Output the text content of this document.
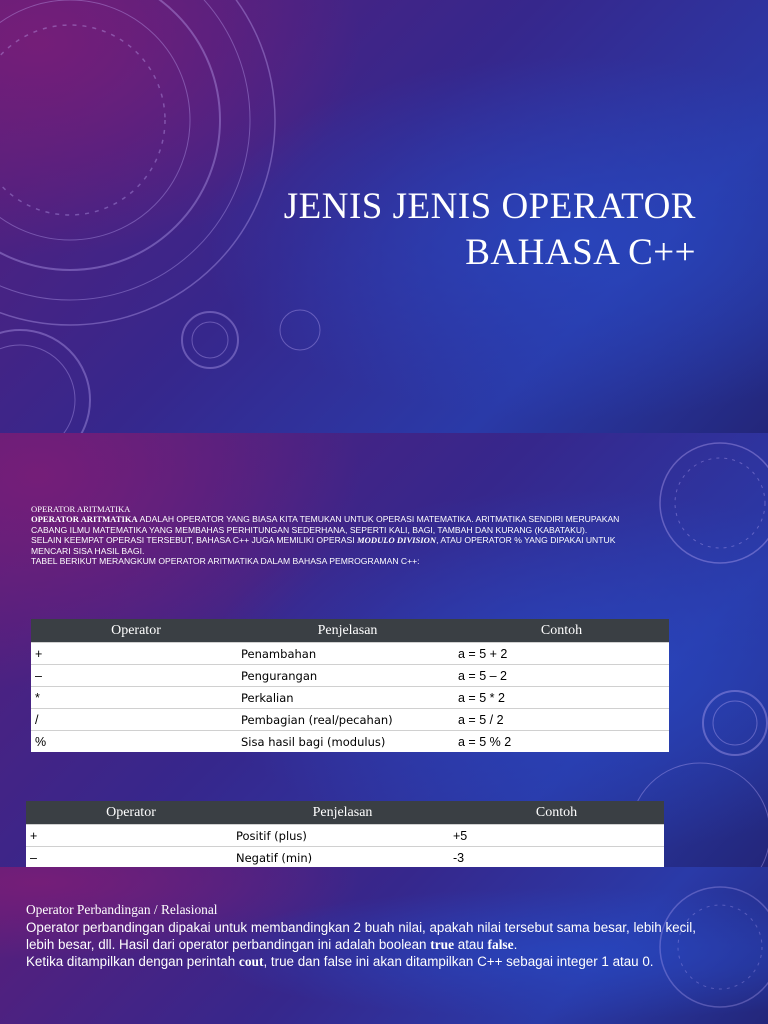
JENIS JENIS OPERATOR
BAHASA C++

OPERATOR ARITMATIKA

OPERATOR ARITMATIKA ADALAH OPERATOR YANG BIASA KITA TEMUKAN UNTUK OPERASI MATEMATIKA. ARITMATIKA SENDIRI MERUPAKAN CABANG ILMU MATEMATIKA YANG MEMBAHAS PERHITUNGAN SEDERHANA, SEPERTI KALI, BAGI, TAMBAH DAN KURANG (KABATAKU).

SELAIN KEEMPAT OPERASI TERSEBUT, BAHASA C++ JUGA MEMILIKI OPERASI MODULO DIVISION, ATAU OPERATOR % YANG DIPAKAI UNTUK MENCARI SISA HASIL BAGI.

TABEL BERIKUT MERANGKUM OPERATOR ARITMATIKA DALAM BAHASA PEMROGRAMAN C++:

Operator	Penjelasan	Contoh
+	Penambahan	a = 5 + 2
–	Pengurangan	a = 5 – 2
*	Perkalian	a = 5 * 2
/	Pembagian (real/pecahan)	a = 5 / 2
%	Sisa hasil bagi (modulus)	a = 5 % 2
Operator	Penjelasan	Contoh
+	Positif (plus)	+5
–	Negatif (min)	-3

Operator Perbandingan / Relasional

Operator perbandingan dipakai untuk membandingkan 2 buah nilai, apakah nilai tersebut sama besar, lebih kecil, lebih besar, dll. Hasil dari operator perbandingan ini adalah boolean true atau false.

Ketika ditampilkan dengan perintah cout, true dan false ini akan ditampilkan C++ sebagai integer 1 atau 0.
